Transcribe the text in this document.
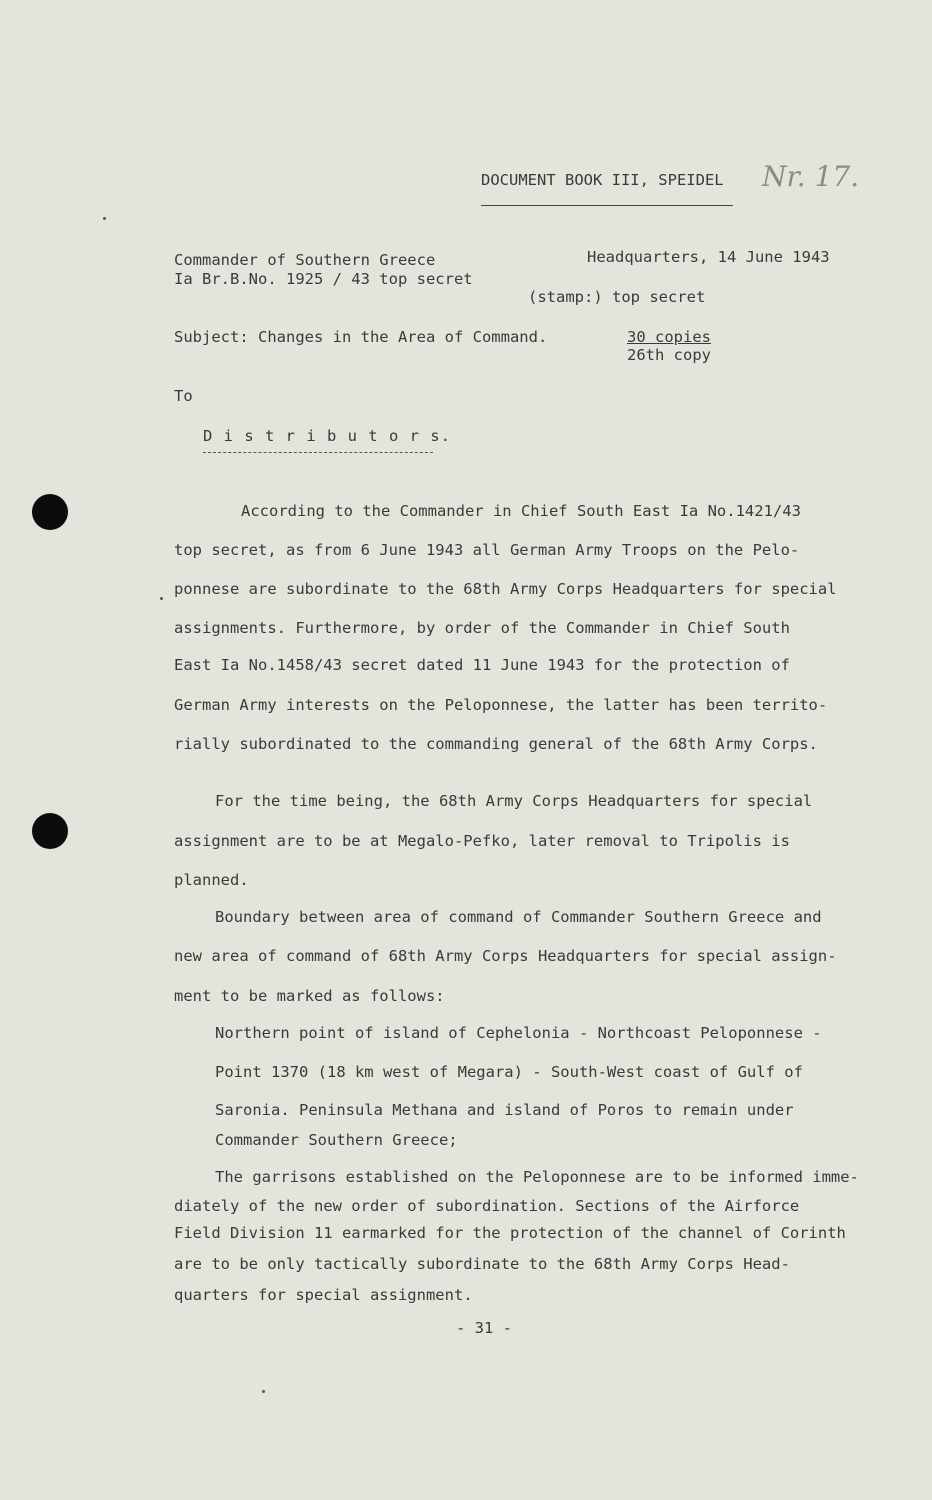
DOCUMENT BOOK III, SPEIDEL Nr. 17.
Commander of Southern Greece
Ia Br.B.No. 1925 / 43 top secret
Headquarters, 14 June 1943
(stamp:) top secret
Subject: Changes in the Area of Command.	30 copies
26th copy
To
D i s t r i b u t o r s.
According to the Commander in Chief South East Ia No.1421/43
top secret, as from 6 June 1943 all German Army Troops on the Pelo-
ponnese are subordinate to the 68th Army Corps Headquarters for special
assignments. Furthermore, by order of the Commander in Chief South
East Ia No.1458/43 secret dated 11 June 1943 for the protection of
German Army interests on the Peloponnese, the latter has been territo-
rially subordinated to the commanding general of the 68th Army Corps.
For the time being, the 68th Army Corps Headquarters for special
assignment are to be at Megalo-Pefko, later removal to Tripolis is
planned.
Boundary between area of command of Commander Southern Greece and
new area of command of 68th Army Corps Headquarters for special assign-
ment to be marked as follows:
Northern point of island of Cephelonia - Northcoast Peloponnese -
Point 1370 (18 km west of Megara) - South-West coast of Gulf of
Saronia. Peninsula Methana and island of Poros to remain under
Commander Southern Greece;
The garrisons established on the Peloponnese are to be informed imme-
diately of the new order of subordination. Sections of the Airforce
Field Division 11 earmarked for the protection of the channel of Corinth
are to be only tactically subordinate to the 68th Army Corps Head-
quarters for special assignment.
- 31 -
